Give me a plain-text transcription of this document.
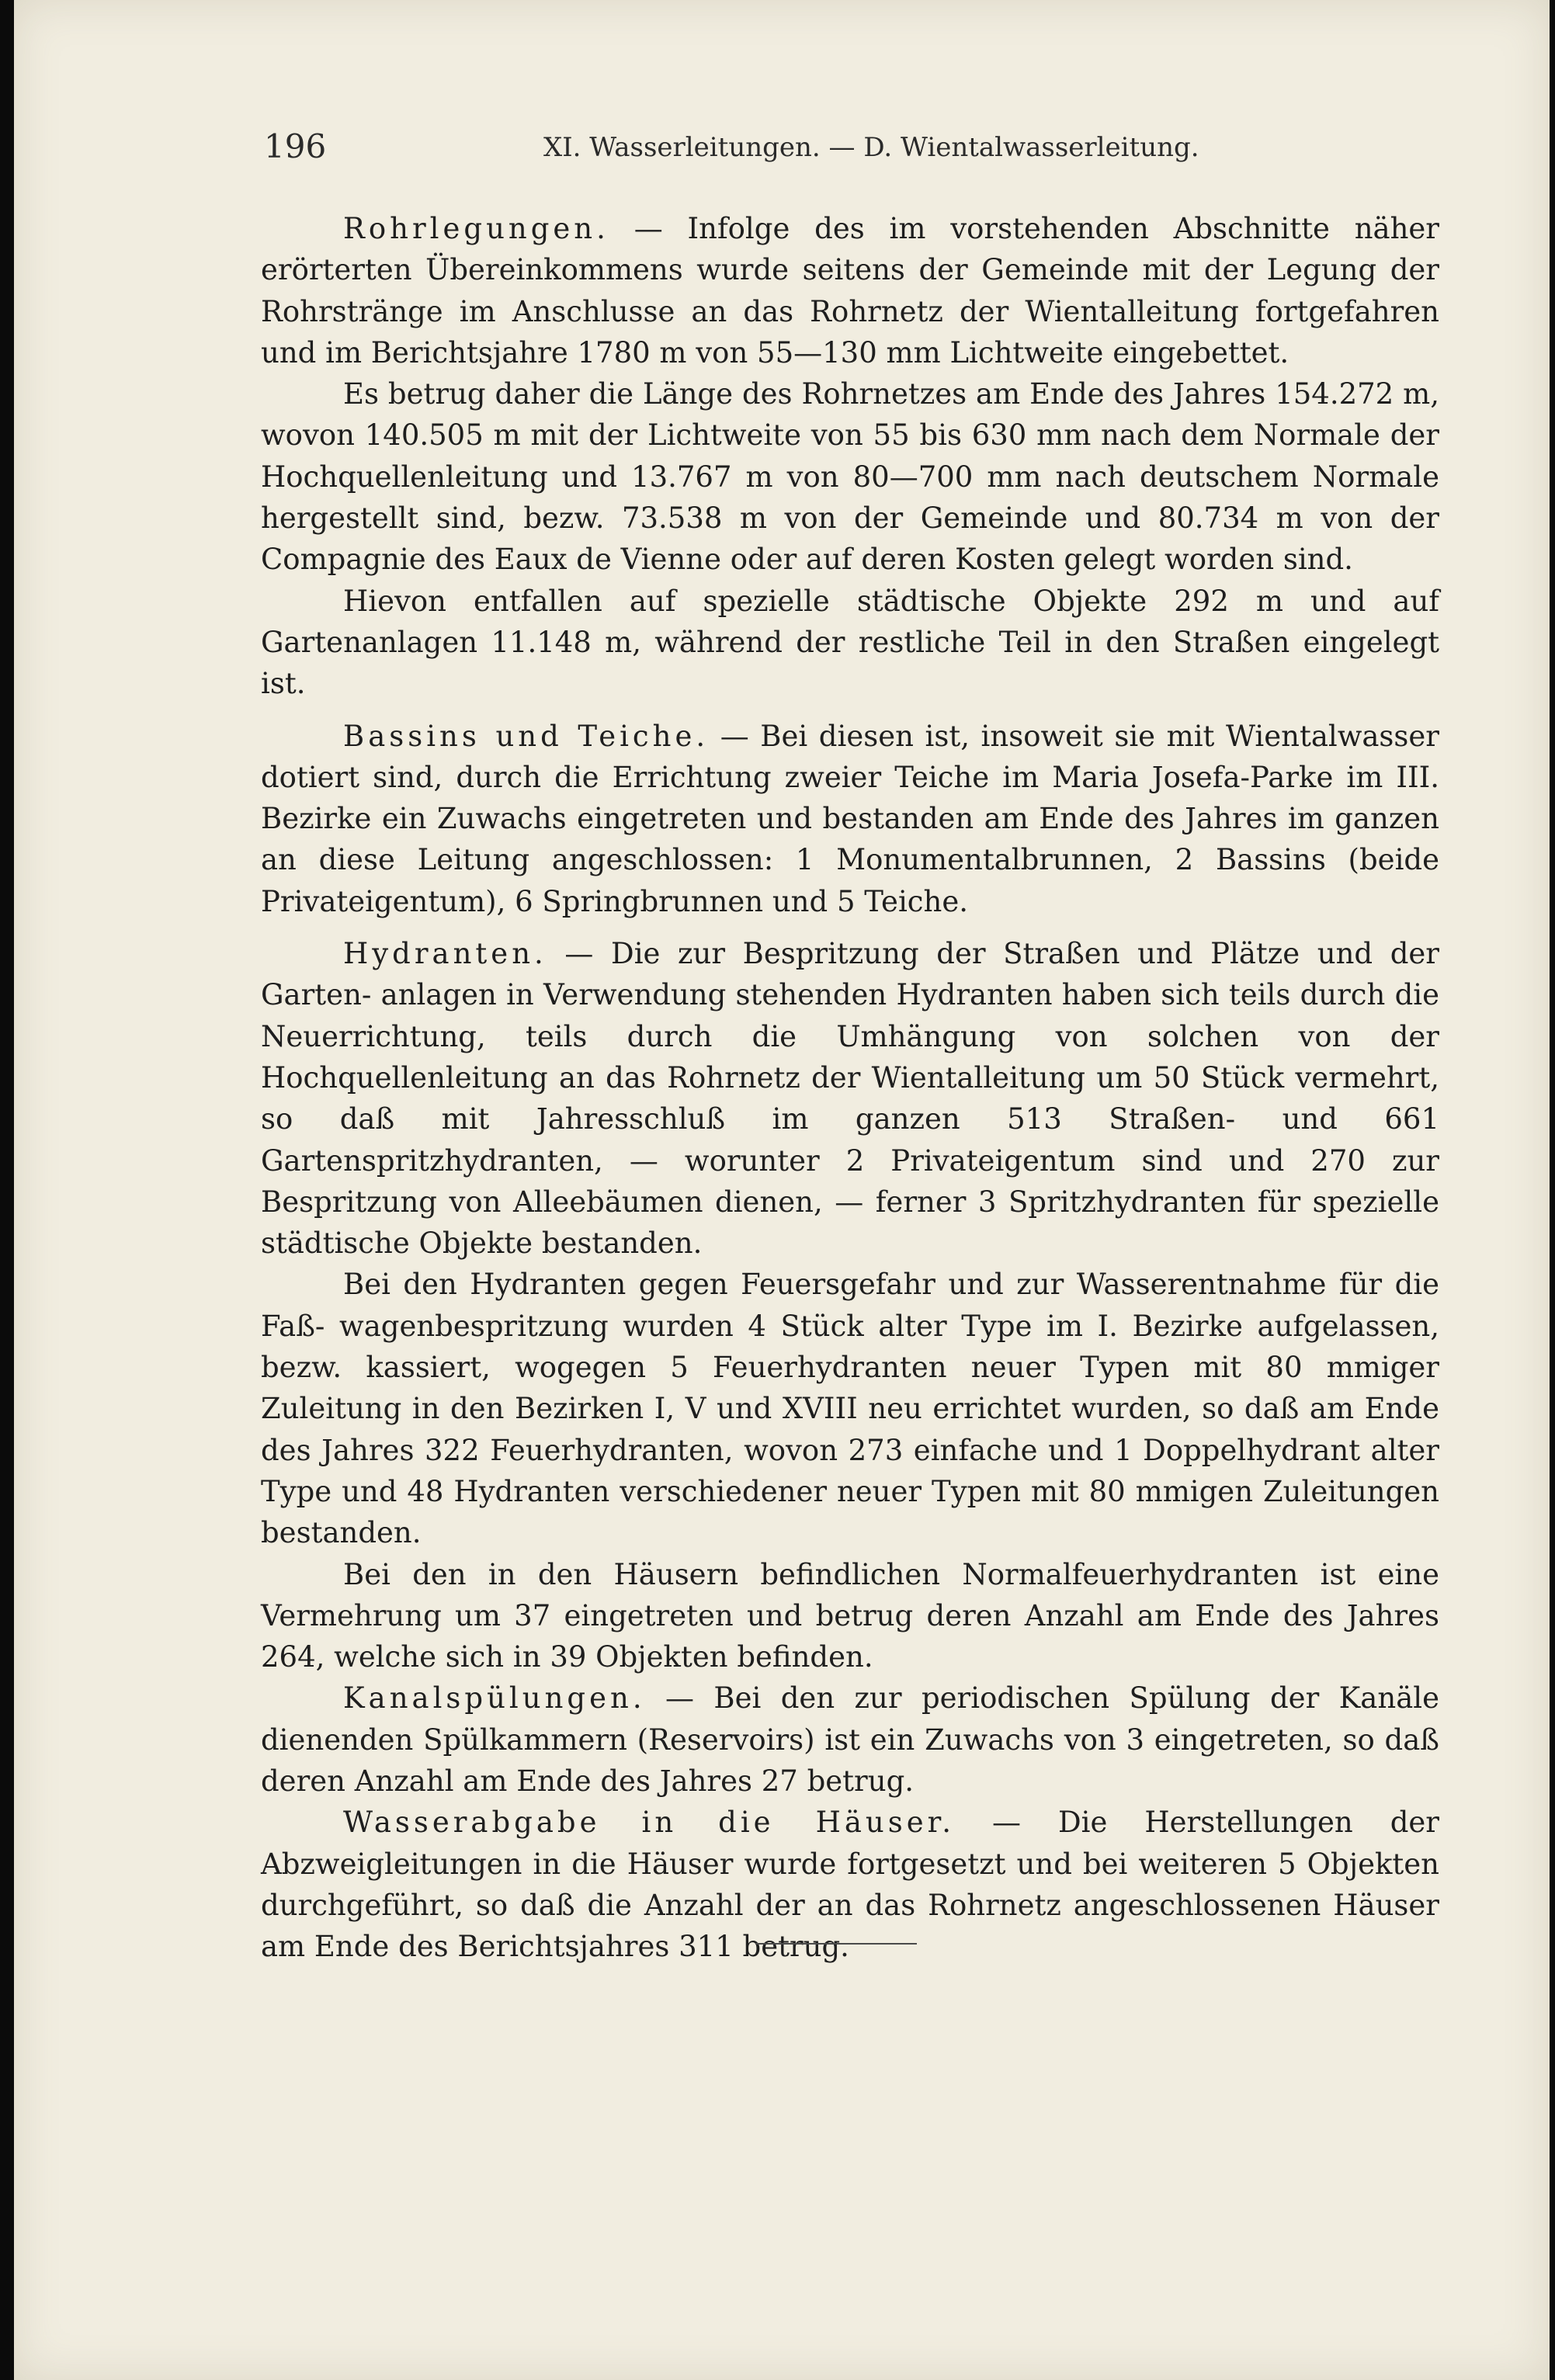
196	XI. Wasserleitungen. — D. Wientalwasserleitung.

Rohrlegungen. — Infolge des im vorstehenden Abschnitte näher erörterten Übereinkommens wurde seitens der Gemeinde mit der Legung der Rohrstränge im Anschlusse an das Rohrnetz der Wientalleitung fortgefahren und im Berichtsjahre 1780 m von 55—130 mm Lichtweite eingebettet.

Es betrug daher die Länge des Rohrnetzes am Ende des Jahres 154.272 m, wovon 140.505 m mit der Lichtweite von 55 bis 630 mm nach dem Normale der Hochquellenleitung und 13.767 m von 80—700 mm nach deutschem Normale hergestellt sind, bezw. 73.538 m von der Gemeinde und 80.734 m von der Compagnie des Eaux de Vienne oder auf deren Kosten gelegt worden sind.

Hievon entfallen auf spezielle städtische Objekte 292 m und auf Gartenanlagen 11.148 m, während der restliche Teil in den Straßen eingelegt ist.

Bassins und Teiche. — Bei diesen ist, insoweit sie mit Wientalwasser dotiert sind, durch die Errichtung zweier Teiche im Maria Josefa-Parke im III. Bezirke ein Zuwachs eingetreten und bestanden am Ende des Jahres im ganzen an diese Leitung angeschlossen: 1 Monumentalbrunnen, 2 Bassins (beide Privateigentum), 6 Springbrunnen und 5 Teiche.

Hydranten. — Die zur Bespritzung der Straßen und Plätze und der Garten- anlagen in Verwendung stehenden Hydranten haben sich teils durch die Neuerrichtung, teils durch die Umhängung von solchen von der Hochquellenleitung an das Rohrnetz der Wientalleitung um 50 Stück vermehrt, so daß mit Jahresschluß im ganzen 513 Straßen- und 661 Gartenspritzhydranten, — worunter 2 Privateigentum sind und 270 zur Bespritzung von Alleebäumen dienen, — ferner 3 Spritzhydranten für spezielle städtische Objekte bestanden.

Bei den Hydranten gegen Feuersgefahr und zur Wasserentnahme für die Faß- wagenbespritzung wurden 4 Stück alter Type im I. Bezirke aufgelassen, bezw. kassiert, wogegen 5 Feuerhydranten neuer Typen mit 80 mmiger Zuleitung in den Bezirken I, V und XVIII neu errichtet wurden, so daß am Ende des Jahres 322 Feuerhydranten, wovon 273 einfache und 1 Doppelhydrant alter Type und 48 Hydranten verschiedener neuer Typen mit 80 mmigen Zuleitungen bestanden.

Bei den in den Häusern befindlichen Normalfeuerhydranten ist eine Vermehrung um 37 eingetreten und betrug deren Anzahl am Ende des Jahres 264, welche sich in 39 Objekten befinden.

Kanalspülungen. — Bei den zur periodischen Spülung der Kanäle dienenden Spülkammern (Reservoirs) ist ein Zuwachs von 3 eingetreten, so daß deren Anzahl am Ende des Jahres 27 betrug.

Wasserabgabe in die Häuser. — Die Herstellungen der Abzweigleitungen in die Häuser wurde fortgesetzt und bei weiteren 5 Objekten durchgeführt, so daß die Anzahl der an das Rohrnetz angeschlossenen Häuser am Ende des Berichtsjahres 311 betrug.
